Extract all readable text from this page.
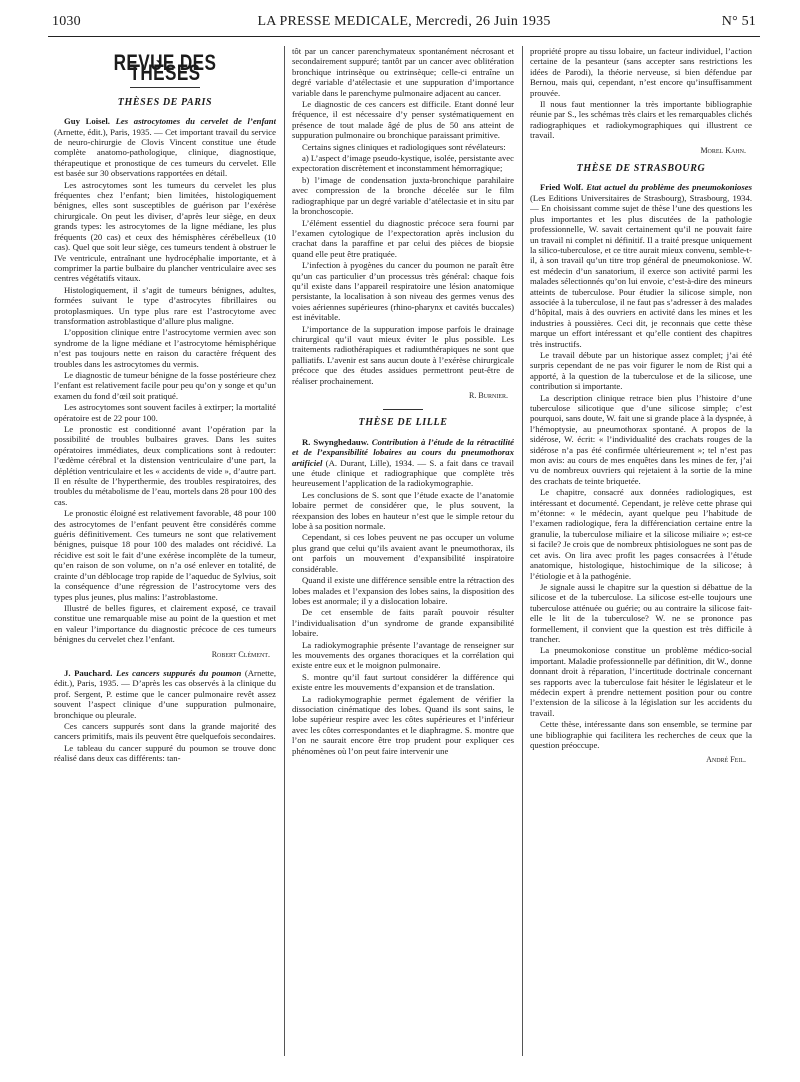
1030	LA PRESSE MEDICALE, Mercredi, 26 Juin 1935	N° 51
REVUE DES THÈSES
THÈSES DE PARIS

Guy Loisel. Les astrocytomes du cervelet de l’enfant (Arnette, édit.), Paris, 1935. — Cet important travail du service de neuro-chirurgie de Clovis Vincent constitue une étude complète anatomo-pathologique, clinique, diagnostique, thérapeutique et pronostique de ces tumeurs du cervelet. Elle est basée sur 30 observations rapportées en détail.

Les astrocytomes sont les tumeurs du cervelet les plus fréquentes chez l’enfant; bien limitées, histologiquement bénignes, elles sont susceptibles de guérison par l’exérèse chirurgicale. On peut les diviser, d’après leur siège, en deux grands types: les astrocytomes de la ligne médiane, les plus fréquents (20 cas) et ceux des hémisphères cérébelleux (10 cas). Quel que soit leur siège, ces tumeurs tendent à obstruer le IVe ventricule, entraînant une hydrocéphalie importante, et à comprimer la partie bulbaire du plancher ventriculaire avec ses centres végétatifs vitaux.

Histologiquement, il s’agit de tumeurs bénignes, adultes, formées suivant le type d’astrocytes fibrillaires ou protoplasmiques. Un type plus rare est l’astrocytome avec transformation astroblastique d’allure plus maligne.

L’opposition clinique entre l’astrocytome vermien avec son syndrome de la ligne médiane et l’astrocytome hémisphérique n’est pas toujours nette en raison du caractère fréquent des troubles dans les astrocytomes du vermis.

Le diagnostic de tumeur bénigne de la fosse postérieure chez l’enfant est relativement facile pour peu qu’on y songe et qu’un examen du fond d’œil soit pratiqué.

Les astrocytomes sont souvent faciles à extirper; la mortalité opératoire est de 22 pour 100.

Le pronostic est conditionné avant l’opération par la possibilité de troubles bulbaires graves. Dans les suites opératoires immédiates, deux complications sont à redouter: l’œdème cérébral et la distension ventriculaire d’une part, la déplétion ventriculaire et les « accidents de vide », d’autre part. Il en résulte de l’hyperthermie, des troubles respiratoires, des troubles du métabolisme de l’eau, mortels dans 28 pour 100 des cas.

Le pronostic éloigné est relativement favorable, 48 pour 100 des astrocytomes de l’enfant peuvent être considérés comme guéris définitivement. Ces tumeurs ne sont que relativement bénignes, puisque 18 pour 100 des malades ont récidivé. La récidive est soit le fait d’une exérèse incomplète de la tumeur, qu’en raison de son volume, on n’a osé enlever en totalité, de crainte d’un déblocage trop rapide de l’aqueduc de Sylvius, soit la conséquence d’une régression de l’astrocytome vers des types plus jeunes, plus malins: l’astroblastome.

Illustré de belles figures, et clairement exposé, ce travail constitue une remarquable mise au point de la question et met en valeur l’importance du diagnostic précoce de ces tumeurs bénignes du cervelet chez l’enfant.

Robert Clément.

J. Pauchard. Les cancers suppurés du poumon (Arnette, édit.), Paris, 1935. — D’après les cas observés à la clinique du prof. Sergent, P. estime que le cancer pulmonaire revêt assez souvent l’aspect clinique d’une suppuration pulmonaire, bronchique ou pleurale.

Ces cancers suppurés sont dans la grande majorité des cancers primitifs, mais ils peuvent être quelquefois secondaires.

Le tableau du cancer suppuré du poumon se trouve donc réalisé dans deux cas différents: tan-

tôt par un cancer parenchymateux spontanément nécrosant et secondairement suppuré; tantôt par un cancer avec oblitération bronchique intrinsèque ou extrinsèque; celle-ci entraîne un degré variable d’atélectasie et une suppuration d’importance variable dans le parenchyme pulmonaire adjacent au cancer.

Le diagnostic de ces cancers est difficile. Etant donné leur fréquence, il est nécessaire d’y penser systématiquement en présence de tout malade âgé de plus de 50 ans atteint de suppuration pulmonaire ou bronchique paraissant primitive.

Certains signes cliniques et radiologiques sont révélateurs:

a) L’aspect d’image pseudo-kystique, isolée, persistante avec expectoration discrètement et inconstamment hémorragique;

b) l’image de condensation juxta-bronchique parahilaire avec compression de la bronche décelée sur le film radiographique par un degré variable d’atélectasie et in situ par la bronchoscopie.

L’élément essentiel du diagnostic précoce sera fourni par l’examen cytologique de l’expectoration après inclusion du crachat dans la paraffine et par celui des pièces de biopsie quand elle peut être pratiquée.

L’infection à pyogènes du cancer du poumon ne paraît être qu’un cas particulier d’un processus très général: chaque fois qu’il existe dans l’appareil respiratoire une lésion anatomique persistante, la localisation à son niveau des germes venus des voies aériennes supérieures (rhino-pharynx et cavités buccales) est inévitable.

L’importance de la suppuration impose parfois le drainage chirurgical qu’il vaut mieux éviter le plus possible. Les traitements radiothérapiques et radiumthérapiques ne sont que palliatifs. L’avenir est sans aucun doute à l’exérèse chirurgicale précoce que des études assidues permettront peut-être de réaliser prochainement.

R. Burnier.
THÈSE DE LILLE

R. Swynghedauw. Contribution à l’étude de la rétractilité et de l’expansibilité lobaires au cours du pneumothorax artificiel (A. Durant, Lille), 1934. — S. a fait dans ce travail une étude clinique et radiographique que complète très heureusement l’application de la radiokymographie.

Les conclusions de S. sont que l’étude exacte de l’anatomie lobaire permet de considérer que, le plus souvent, la réexpansion des lobes en hauteur n’est que le simple retour du lobe à sa position normale.

Cependant, si ces lobes peuvent ne pas occuper un volume plus grand que celui qu’ils avaient avant le pneumothorax, ils ont parfois un mouvement d’expansibilité inspiratoire considérable.

Quand il existe une différence sensible entre la rétraction des lobes malades et l’expansion des lobes sains, la disposition des lobes est anormale; il y a dislocation lobaire.

De cet ensemble de faits paraît pouvoir résulter l’individualisation d’un syndrome de grande expansibilité lobaire.

La radiokymographie présente l’avantage de renseigner sur les mouvements des organes thoraciques et la corrélation qui existe entre eux et le moignon pulmonaire.

S. montre qu’il faut surtout considérer la différence qui existe entre les mouvements d’expansion et de translation.

La radiokymographie permet également de vérifier la dissociation cinématique des lobes. Quand ils sont sains, le lobe supérieur respire avec les côtes supérieures et l’inférieur avec les côtes correspondantes et le diaphragme. S. montre que l’on ne saurait encore être trop prudent pour expliquer ces phénomènes où l’on peut faire intervenir une

propriété propre au tissu lobaire, un facteur individuel, l’action certaine de la pesanteur (sans accepter sans restrictions les idées de Parodi), la théorie nerveuse, si bien défendue par Bernou, mais qui, cependant, n’est encore qu’insuffisamment prouvée.

Il nous faut mentionner la très importante bibliographie réunie par S., les schémas très clairs et les remarquables clichés radiographiques et radiokymographiques qui illustrent ce travail.

Morel Kahn.
THÈSE DE STRASBOURG

Fried Wolf. Etat actuel du problème des pneumokonioses (Les Editions Universitaires de Strasbourg), Strasbourg, 1934. — En choisissant comme sujet de thèse l’une des questions les plus importantes et les plus discutées de la pathologie professionnelle, W. savait certainement qu’il ne pouvait faire un travail ni complet ni définitif. Il a traité presque uniquement la silico-tuberculose, et ce titre aurait mieux convenu, semble-t-il, à son travail qu’un titre trop général de pneumokoniose. W. est médecin d’un sanatorium, il exerce son activité parmi les malades sélectionnés qu’on lui envoie, c’est-à-dire des mineurs atteints de tuberculose. Pour étudier la silicose simple, non associée à la tuberculose, il ne faut pas s’adresser à des malades d’hôpital, mais à des ouvriers en activité dans les mines et les industries à poussières. Ceci dit, je reconnais que cette thèse marque un effort intéressant et qu’elle contient des chapitres très instructifs.

Le travail débute par un historique assez complet; j’ai été surpris cependant de ne pas voir figurer le nom de Rist qui a apporté, à la question de la tuberculose et de la silicose, une contribution si importante.

La description clinique retrace bien plus l’histoire d’une tuberculose silicotique que d’une silicose simple; c’est pourquoi, sans doute, W. fait une si grande place à la dyspnée, à l’hémoptysie, au pneumothorax spontané. A propos de la sidérose, W. écrit: « l’individualité des crachats rouges de la sidérose n’a pas été confirmée ultérieurement »; tel n’est pas mon avis: au cours de mes enquêtes dans les mines de fer, j’ai vu de nombreux ouvriers qui rejetaient à la sortie de la mine des crachats de teinte briquetée.

Le chapitre, consacré aux données radiologiques, est intéressant et documenté. Cependant, je relève cette phrase qui m’étonne: « le médecin, ayant quelque peu l’habitude de l’examen radiologique, fera la différenciation certaine entre la granulie, la tuberculose miliaire et la silicose miliaire »; est-ce si facile? Je crois que de nombreux phtisiologues ne sont pas de cet avis. On lira avec profit les pages consacrées à l’étude anatomique, histologique, histochimique de la silicose; à l’étiologie et à la pathogénie.

Je signale aussi le chapitre sur la question si débattue de la silicose et de la tuberculose. La silicose est-elle toujours une tuberculose atténuée ou guérie; ou au contraire la silicose fait-elle le lit de la tuberculose? W. ne se prononce pas formellement, il convient que la question est très difficile à trancher.

La pneumokoniose constitue un problème médico-social important. Maladie professionnelle par définition, dit W., donne donnant droit à réparation, l’incertitude doctrinale concernant ses rapports avec la tuberculose fait hésiter le législateur et le médecin expert à prendre nettement position pour ou contre l’extension de la silicose à la législation sur les accidents du travail.

Cette thèse, intéressante dans son ensemble, se termine par une bibliographie qui facilitera les recherches de ceux que la question préoccupe.

André Feil.
